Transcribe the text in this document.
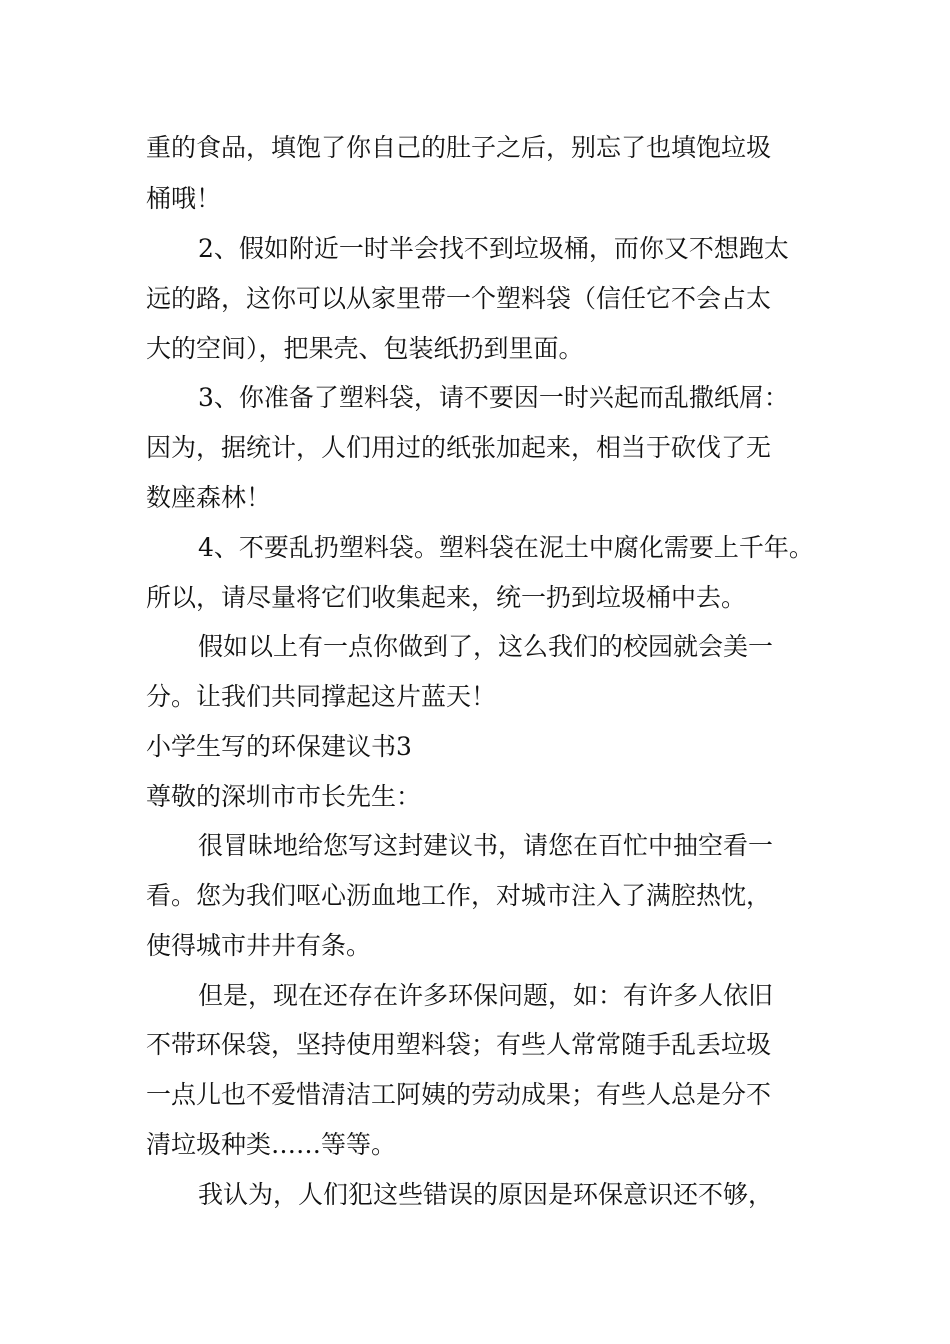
重的食品，填饱了你自己的肚子之后，别忘了也填饱垃圾

桶哦！

2、假如附近一时半会找不到垃圾桶，而你又不想跑太

远的路，这你可以从家里带一个塑料袋（信任它不会占太

大的空间），把果壳、包装纸扔到里面。

3、你准备了塑料袋，请不要因一时兴起而乱撒纸屑：

因为，据统计，人们用过的纸张加起来，相当于砍伐了无

数座森林！

4、不要乱扔塑料袋。塑料袋在泥土中腐化需要上千年。

所以，请尽量将它们收集起来，统一扔到垃圾桶中去。

假如以上有一点你做到了，这么我们的校园就会美一

分。让我们共同撑起这片蓝天！

小学生写的环保建议书3

尊敬的深圳市市长先生：

很冒昧地给您写这封建议书，请您在百忙中抽空看一

看。您为我们呕心沥血地工作，对城市注入了满腔热忱，

使得城市井井有条。

但是，现在还存在许多环保问题，如：有许多人依旧

不带环保袋，坚持使用塑料袋；有些人常常随手乱丢垃圾

一点儿也不爱惜清洁工阿姨的劳动成果；有些人总是分不

清垃圾种类……等等。

我认为，人们犯这些错误的原因是环保意识还不够，
